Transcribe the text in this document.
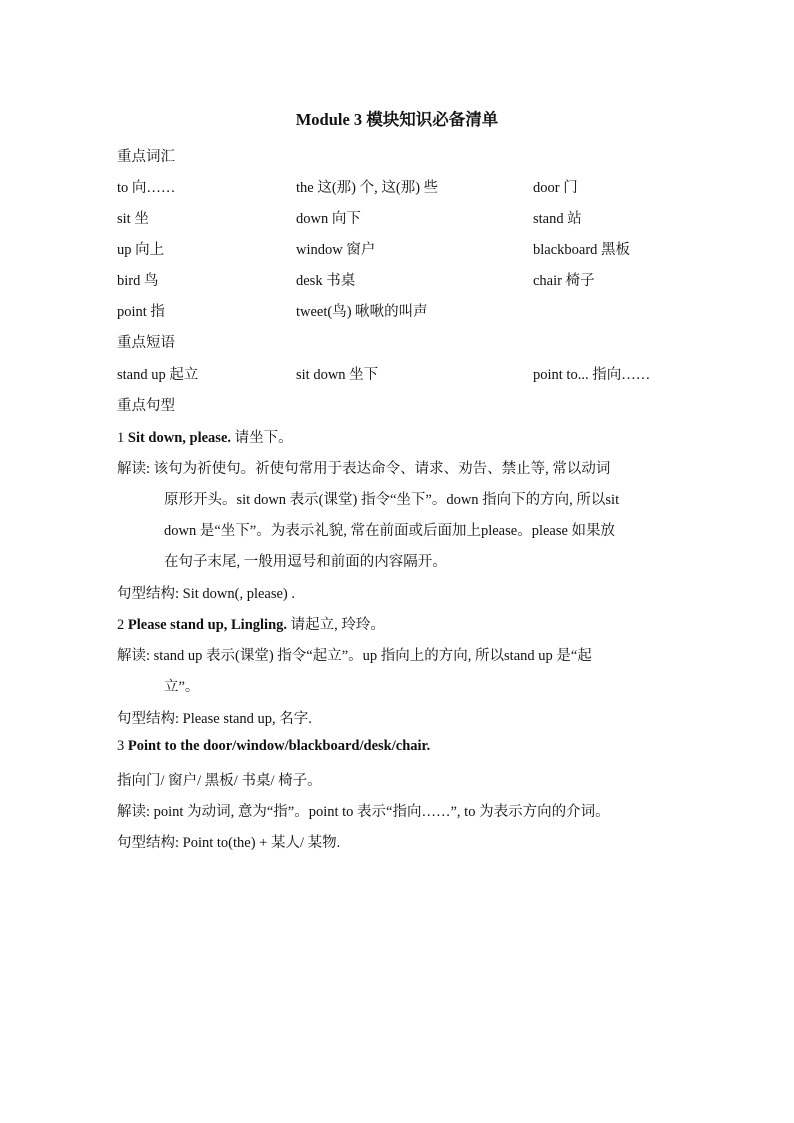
Module 3 模块知识必备清单
重点词汇
to 向……	the 这(那) 个, 这(那) 些	door 门
sit 坐	down 向下	stand 站
up 向上	window 窗户	blackboard 黑板
bird 鸟	desk 书桌	chair 椅子
point 指	tweet(鸟) 啾啾的叫声
重点短语
stand up 起立	sit down 坐下	point to... 指向……
重点句型
1 Sit down, please. 请坐下。
解读: 该句为祈使句。祈使句常用于表达命令、请求、劝告、禁止等, 常以动词
原形开头。sit down 表示(课堂) 指令“坐下”。down 指向下的方向, 所以sit
down 是“坐下”。为表示礼貌, 常在前面或后面加上please。please 如果放
在句子末尾, 一般用逗号和前面的内容隔开。
句型结构: Sit down(, please) .
2 Please stand up, Lingling. 请起立, 玲玲。
解读: stand up 表示(课堂) 指令“起立”。up 指向上的方向, 所以stand up 是“起
立”。
句型结构: Please stand up, 名字.
3 Point to the door/window/blackboard/desk/chair.
指向门/ 窗户/ 黑板/ 书桌/ 椅子。
解读: point 为动词, 意为“指”。point to 表示“指向……”, to 为表示方向的介词。
句型结构: Point to(the) + 某人/ 某物.
